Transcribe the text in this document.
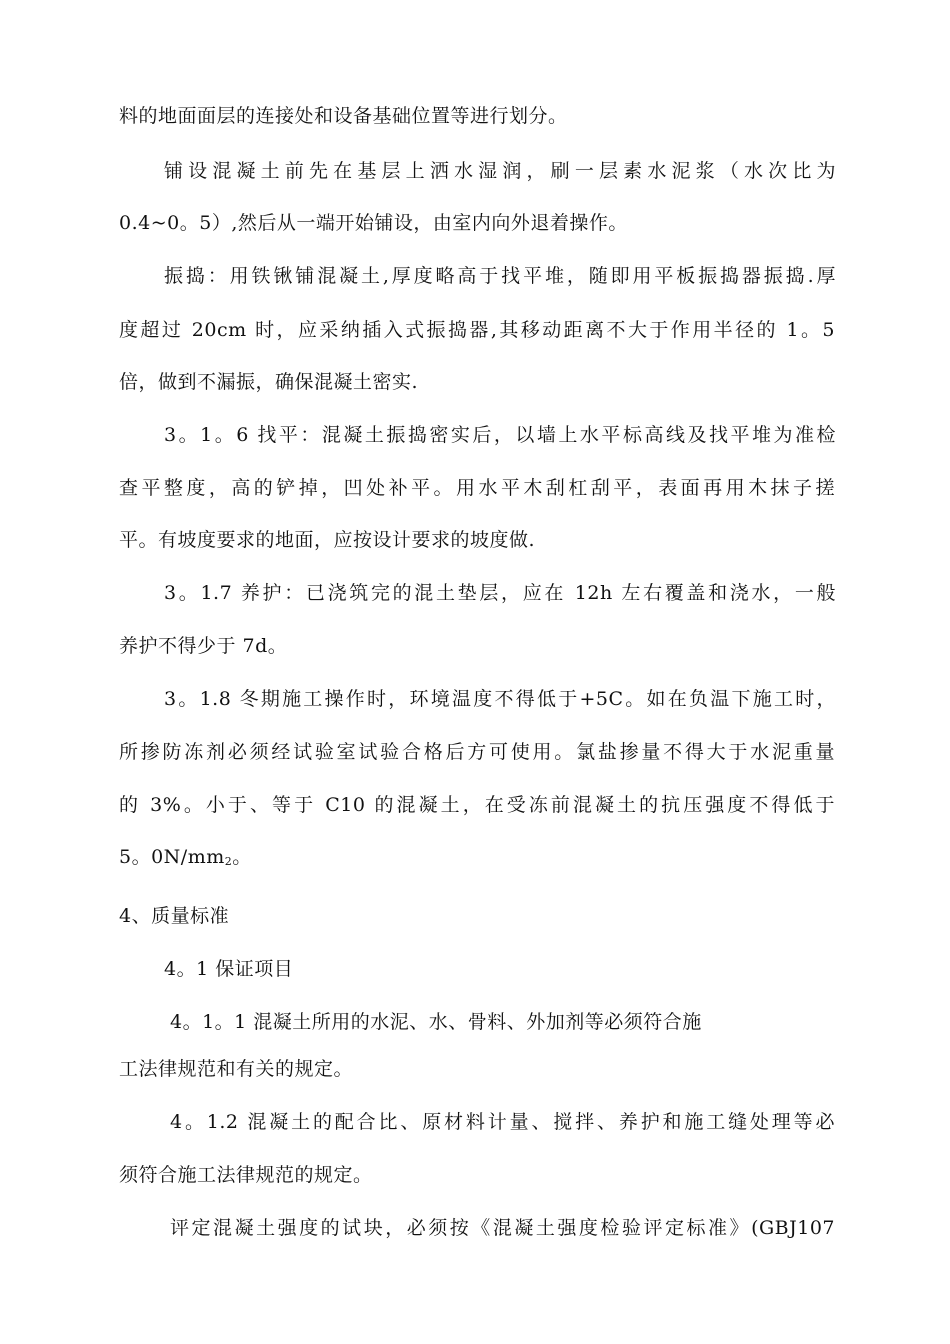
料的地面面层的连接处和设备基础位置等进行划分。
铺设混凝土前先在基层上洒水湿润，刷一层素水泥浆（水次比为
0.4~0。5）,然后从一端开始铺设，由室内向外退着操作。
振捣：用铁锹铺混凝土,厚度略高于找平堆，随即用平板振捣器振捣.厚
度超过 20cm 时，应采纳插入式振捣器,其移动距离不大于作用半径的 1。5
倍，做到不漏振，确保混凝土密实.
3。1。6 找平：混凝土振捣密实后，以墙上水平标高线及找平堆为准检
查平整度，高的铲掉，凹处补平。用水平木刮杠刮平，表面再用木抹子搓
平。有坡度要求的地面，应按设计要求的坡度做.
3。1.7 养护：已浇筑完的混土垫层，应在 12h 左右覆盖和浇水，一般
养护不得少于 7d。
3。1.8 冬期施工操作时，环境温度不得低于+5C。如在负温下施工时，
所掺防冻剂必须经试验室试验合格后方可使用。氯盐掺量不得大于水泥重量
的 3%。小于、等于 C10 的混凝土，在受冻前混凝土的抗压强度不得低于
5。$0N/mm_2$。
4、质量标准
4。1 保证项目
4。1。1 混凝土所用的水泥、水、骨料、外加剂等必须符合施
工法律规范和有关的规定。
4。1.2 混凝土的配合比、原材料计量、搅拌、养护和施工缝处理等必
须符合施工法律规范的规定。
评定混凝土强度的试块，必须按《混凝土强度检验评定标准》(GBJ107
